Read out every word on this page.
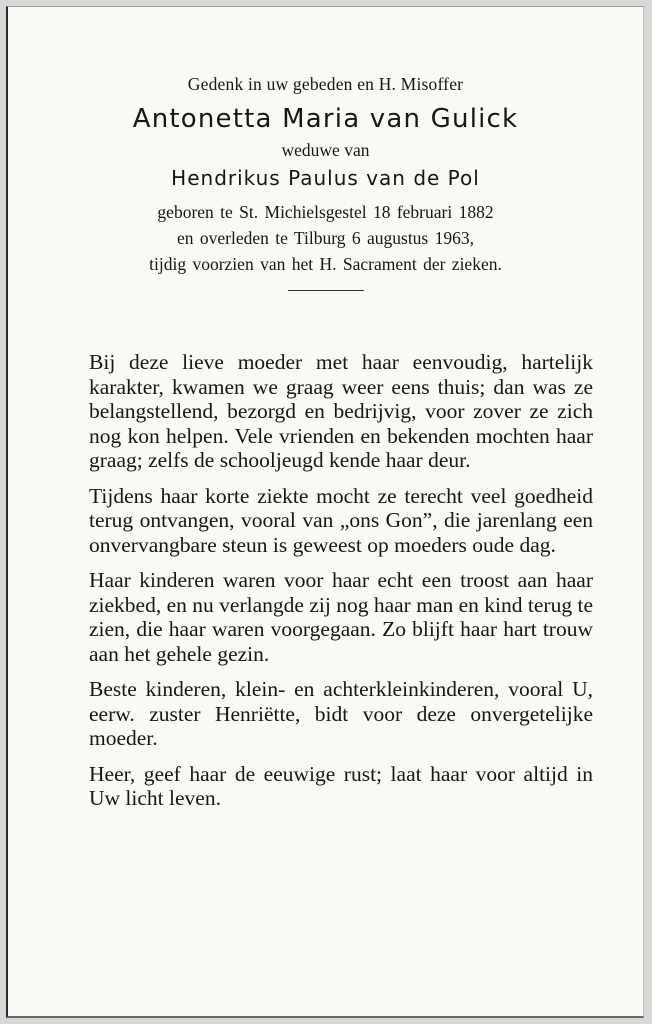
Gedenk in uw gebeden en H. Misoffer
Antonetta Maria van Gulick
weduwe van
Hendrikus Paulus van de Pol
geboren te St. Michielsgestel 18 februari 1882
en overleden te Tilburg 6 augustus 1963,
tijdig voorzien van het H. Sacrament der zieken.

Bij deze lieve moeder met haar eenvoudig, hartelijk karakter, kwamen we graag weer eens thuis; dan was ze belangstellend, bezorgd en bedrijvig, voor zover ze zich nog kon helpen. Vele vrienden en bekenden mochten haar graag; zelfs de schooljeugd kende haar deur.

Tijdens haar korte ziekte mocht ze terecht veel goedheid terug ontvangen, vooral van „ons Gon”, die jarenlang een onvervangbare steun is geweest op moeders oude dag.

Haar kinderen waren voor haar echt een troost aan haar ziekbed, en nu verlangde zij nog haar man en kind terug te zien, die haar waren voorgegaan. Zo blijft haar hart trouw aan het gehele gezin.

Beste kinderen, klein- en achterkleinkinderen, vooral U, eerw. zuster Henriëtte, bidt voor deze onvergetelijke moeder.

Heer, geef haar de eeuwige rust; laat haar voor altijd in Uw licht leven.
